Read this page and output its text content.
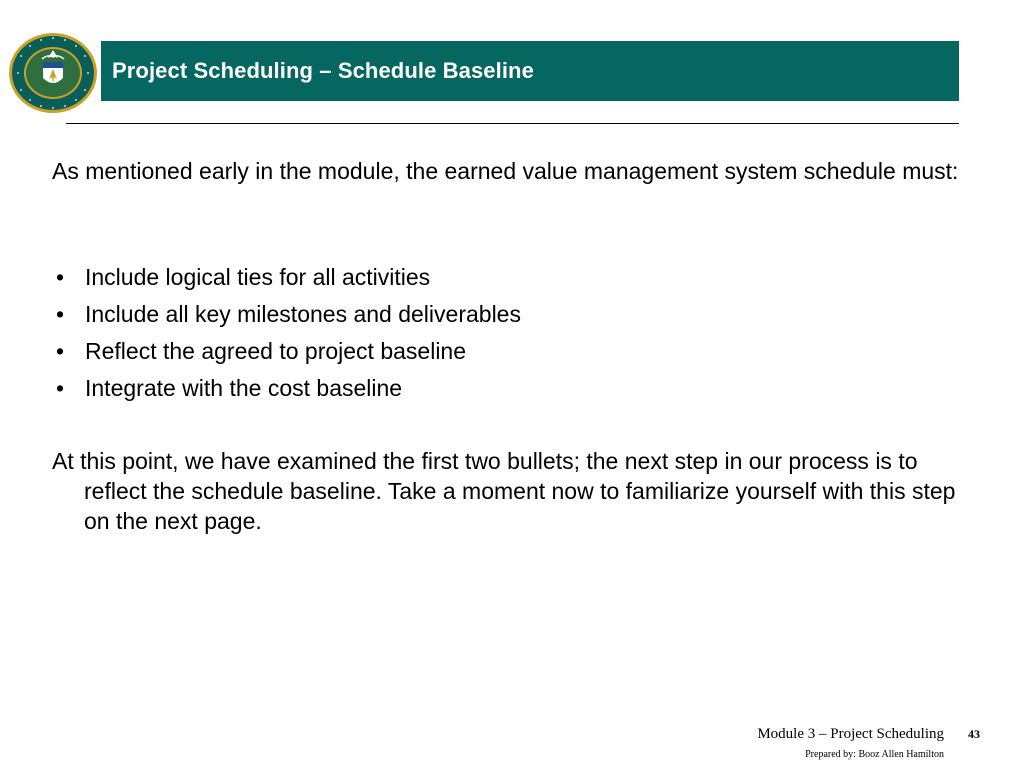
Project Scheduling – Schedule Baseline

As mentioned early in the module, the earned value management system schedule must:

• Include logical ties for all activities
• Include all key milestones and deliverables
• Reflect the agreed to project baseline
• Integrate with the cost baseline

At this point, we have examined the first two bullets; the next step in our process is to reflect the schedule baseline. Take a moment now to familiarize yourself with this step on the next page.

Module 3 – Project Scheduling 43
Prepared by: Booz Allen Hamilton
